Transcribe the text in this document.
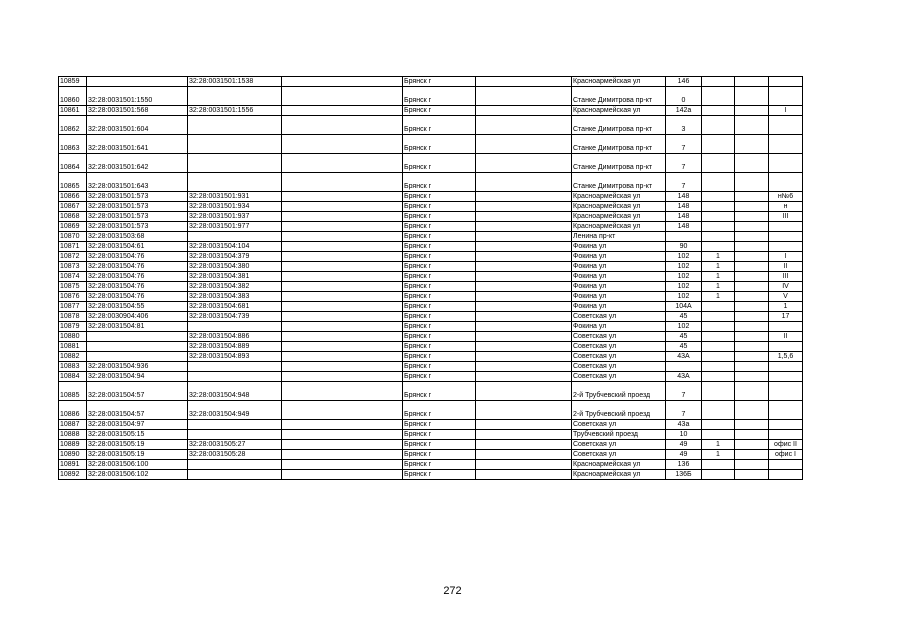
10859		32:28:0031501:1538		Брянск г		Красноармейская ул	146			
10860	32:28:0031501:1550			Брянск г		Станке Димитрова пр-кт	0			
10861	32:28:0031501:568	32:28:0031501:1556		Брянск г		Красноармейская ул	142а			I
10862	32:28:0031501:604			Брянск г		Станке Димитрова пр-кт	3			
10863	32:28:0031501:641			Брянск г		Станке Димитрова пр-кт	7			
10864	32:28:0031501:642			Брянск г		Станке Димитрова пр-кт	7			
10865	32:28:0031501:643			Брянск г		Станке Димитрова пр-кт	7			
10866	32:28:0031501:573	32:28:0031501:931		Брянск г		Красноармейская ул	148			н№6
10867	32:28:0031501:573	32:28:0031501:934		Брянск г		Красноармейская ул	148			н
10868	32:28:0031501:573	32:28:0031501:937		Брянск г		Красноармейская ул	148			III
10869	32:28:0031501:573	32:28:0031501:977		Брянск г		Красноармейская ул	148			
10870	32:28:0031503:68			Брянск г		Ленина пр-кт				
10871	32:28:0031504:61	32:28:0031504:104		Брянск г		Фокина ул	90			
10872	32:28:0031504:76	32:28:0031504:379		Брянск г		Фокина ул	102	1		I
10873	32:28:0031504:76	32:28:0031504:380		Брянск г		Фокина ул	102	1		II
10874	32:28:0031504:76	32:28:0031504:381		Брянск г		Фокина ул	102	1		III
10875	32:28:0031504:76	32:28:0031504:382		Брянск г		Фокина ул	102	1		IV
10876	32:28:0031504:76	32:28:0031504:383		Брянск г		Фокина ул	102	1		V
10877	32:28:0031504:55	32:28:0031504:681		Брянск г		Фокина ул	104А			1
10878	32:28:0030904:406	32:28:0031504:739		Брянск г		Советская ул	45			17
10879	32:28:0031504:81			Брянск г		Фокина ул	102			
10880		32:28:0031504:886		Брянск г		Советская ул	45			II
10881		32:28:0031504:889		Брянск г		Советская ул	45			
10882		32:28:0031504:893		Брянск г		Советская ул	43А			1,5,6
10883	32:28:0031504:936			Брянск г		Советская ул				
10884	32:28:0031504:94			Брянск г		Советская ул	43А			
10885	32:28:0031504:57	32:28:0031504:948		Брянск г		2-й Трубчевский проезд	7			
10886	32:28:0031504:57	32:28:0031504:949		Брянск г		2-й Трубчевский проезд	7			
10887	32:28:0031504:97			Брянск г		Советская ул	43а			
10888	32:28:0031505:15			Брянск г		Трубчевский проезд	10			
10889	32:28:0031505:19	32:28:0031505:27		Брянск г		Советская ул	49	1		офис II
10890	32:28:0031505:19	32:28:0031505:28		Брянск г		Советская ул	49	1		офис I
10891	32:28:0031506:100			Брянск г		Красноармейская ул	136			
10892	32:28:0031506:102			Брянск г		Красноармейская ул	136Б			
272
